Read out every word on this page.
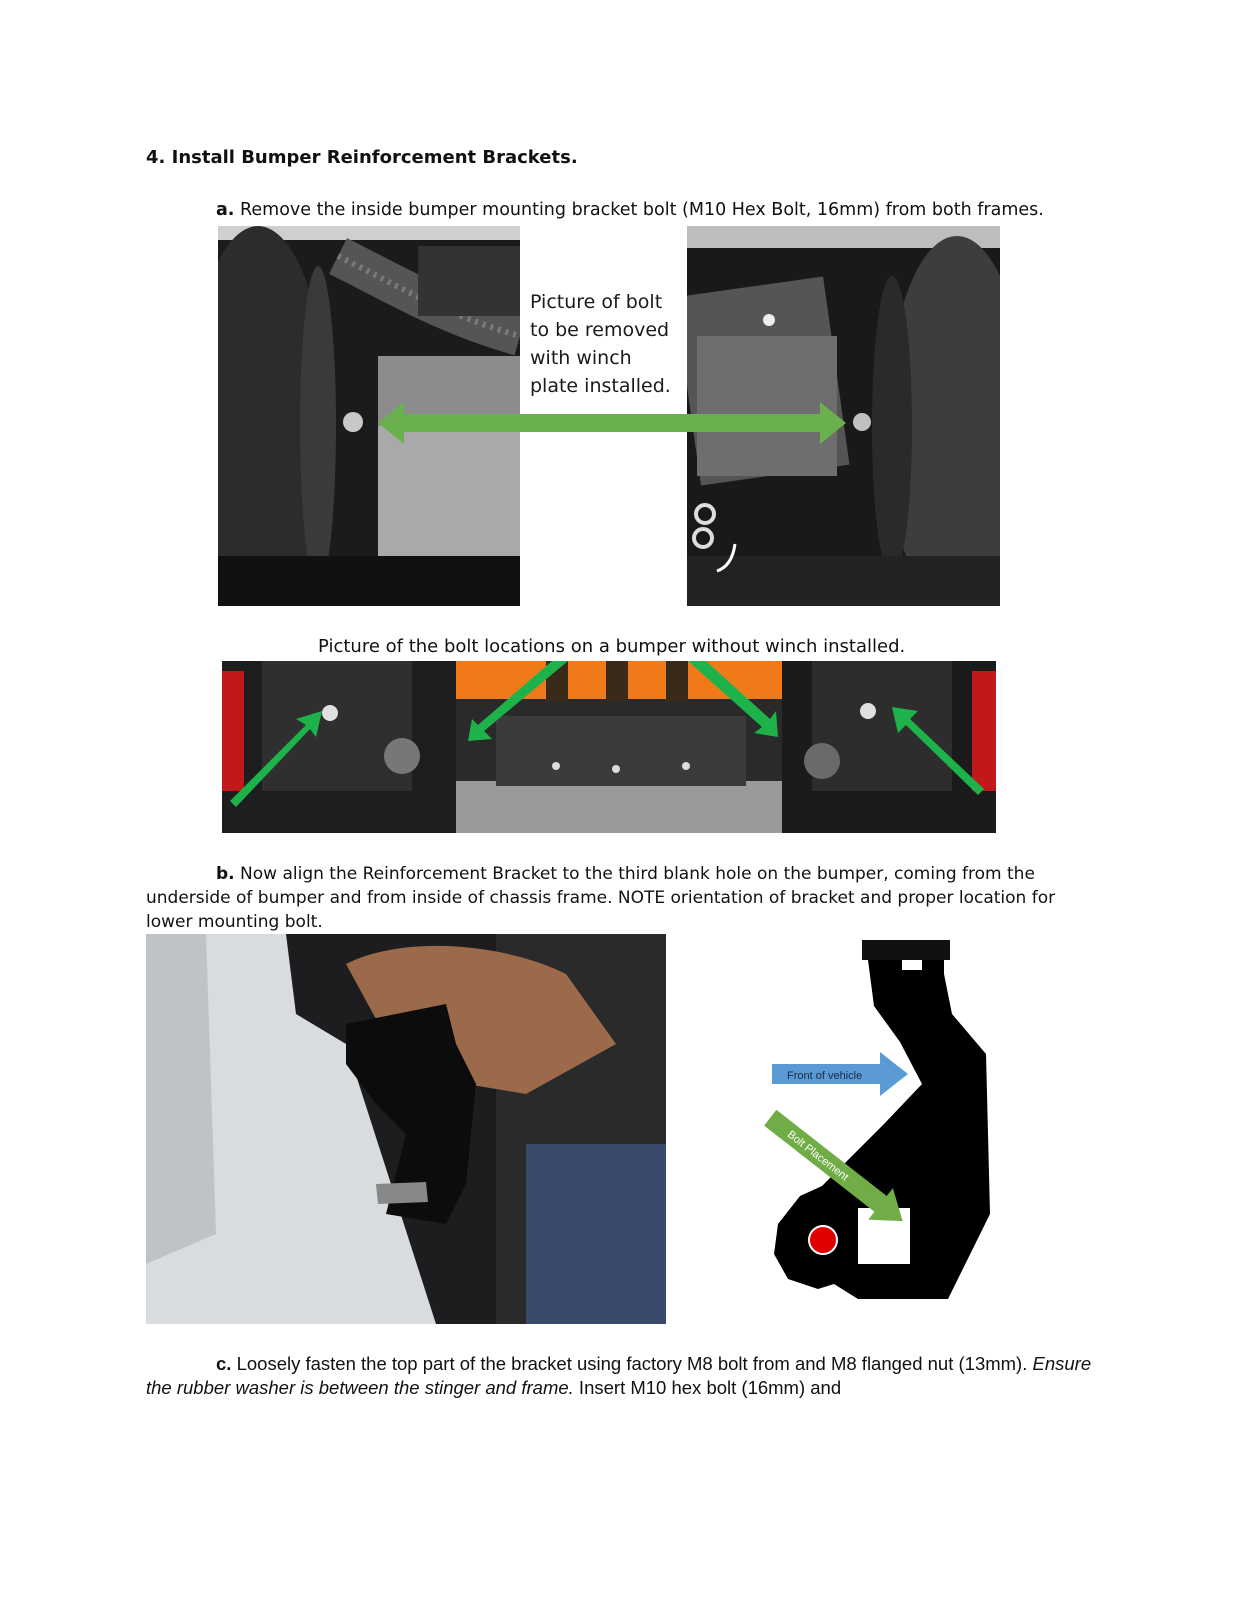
4. Install Bumper Reinforcement Brackets.
a. Remove the inside bumper mounting bracket bolt (M10 Hex Bolt, 16mm) from both frames.
Picture of bolt
to be removed
with winch
plate installed.
Picture of the bolt locations on a bumper without winch installed.
b. Now align the Reinforcement Bracket to the third blank hole on the bumper, coming from the underside of bumper and from inside of chassis frame. NOTE orientation of bracket and proper location for lower mounting bolt.
Front of vehicle
Bolt Placement
c. Loosely fasten the top part of the bracket using factory M8 bolt from and M8 flanged nut (13mm). Ensure the rubber washer is between the stinger and frame. Insert M10 hex bolt (16mm) and
